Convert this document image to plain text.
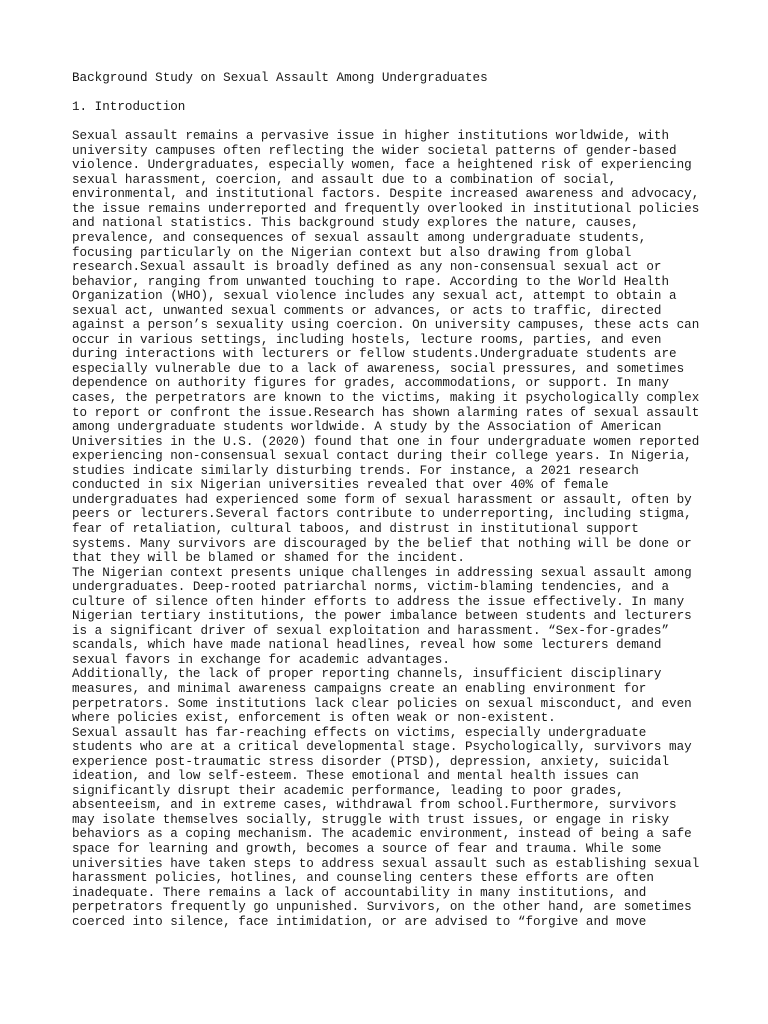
Background Study on Sexual Assault Among Undergraduates
1. Introduction
Sexual assault remains a pervasive issue in higher institutions worldwide, with
university campuses often reflecting the wider societal patterns of gender-based
violence. Undergraduates, especially women, face a heightened risk of experiencing
sexual harassment, coercion, and assault due to a combination of social,
environmental, and institutional factors. Despite increased awareness and advocacy,
the issue remains underreported and frequently overlooked in institutional policies
and national statistics. This background study explores the nature, causes,
prevalence, and consequences of sexual assault among undergraduate students,
focusing particularly on the Nigerian context but also drawing from global
research.Sexual assault is broadly defined as any non-consensual sexual act or
behavior, ranging from unwanted touching to rape. According to the World Health
Organization (WHO), sexual violence includes any sexual act, attempt to obtain a
sexual act, unwanted sexual comments or advances, or acts to traffic, directed
against a person’s sexuality using coercion. On university campuses, these acts can
occur in various settings, including hostels, lecture rooms, parties, and even
during interactions with lecturers or fellow students.Undergraduate students are
especially vulnerable due to a lack of awareness, social pressures, and sometimes
dependence on authority figures for grades, accommodations, or support. In many
cases, the perpetrators are known to the victims, making it psychologically complex
to report or confront the issue.Research has shown alarming rates of sexual assault
among undergraduate students worldwide. A study by the Association of American
Universities in the U.S. (2020) found that one in four undergraduate women reported
experiencing non-consensual sexual contact during their college years. In Nigeria,
studies indicate similarly disturbing trends. For instance, a 2021 research
conducted in six Nigerian universities revealed that over 40% of female
undergraduates had experienced some form of sexual harassment or assault, often by
peers or lecturers.Several factors contribute to underreporting, including stigma,
fear of retaliation, cultural taboos, and distrust in institutional support
systems. Many survivors are discouraged by the belief that nothing will be done or
that they will be blamed or shamed for the incident.
The Nigerian context presents unique challenges in addressing sexual assault among
undergraduates. Deep-rooted patriarchal norms, victim-blaming tendencies, and a
culture of silence often hinder efforts to address the issue effectively. In many
Nigerian tertiary institutions, the power imbalance between students and lecturers
is a significant driver of sexual exploitation and harassment. “Sex-for-grades”
scandals, which have made national headlines, reveal how some lecturers demand
sexual favors in exchange for academic advantages.
Additionally, the lack of proper reporting channels, insufficient disciplinary
measures, and minimal awareness campaigns create an enabling environment for
perpetrators. Some institutions lack clear policies on sexual misconduct, and even
where policies exist, enforcement is often weak or non-existent.
Sexual assault has far-reaching effects on victims, especially undergraduate
students who are at a critical developmental stage. Psychologically, survivors may
experience post-traumatic stress disorder (PTSD), depression, anxiety, suicidal
ideation, and low self-esteem. These emotional and mental health issues can
significantly disrupt their academic performance, leading to poor grades,
absenteeism, and in extreme cases, withdrawal from school.Furthermore, survivors
may isolate themselves socially, struggle with trust issues, or engage in risky
behaviors as a coping mechanism. The academic environment, instead of being a safe
space for learning and growth, becomes a source of fear and trauma. While some
universities have taken steps to address sexual assault such as establishing sexual
harassment policies, hotlines, and counseling centers these efforts are often
inadequate. There remains a lack of accountability in many institutions, and
perpetrators frequently go unpunished. Survivors, on the other hand, are sometimes
coerced into silence, face intimidation, or are advised to “forgive and move
